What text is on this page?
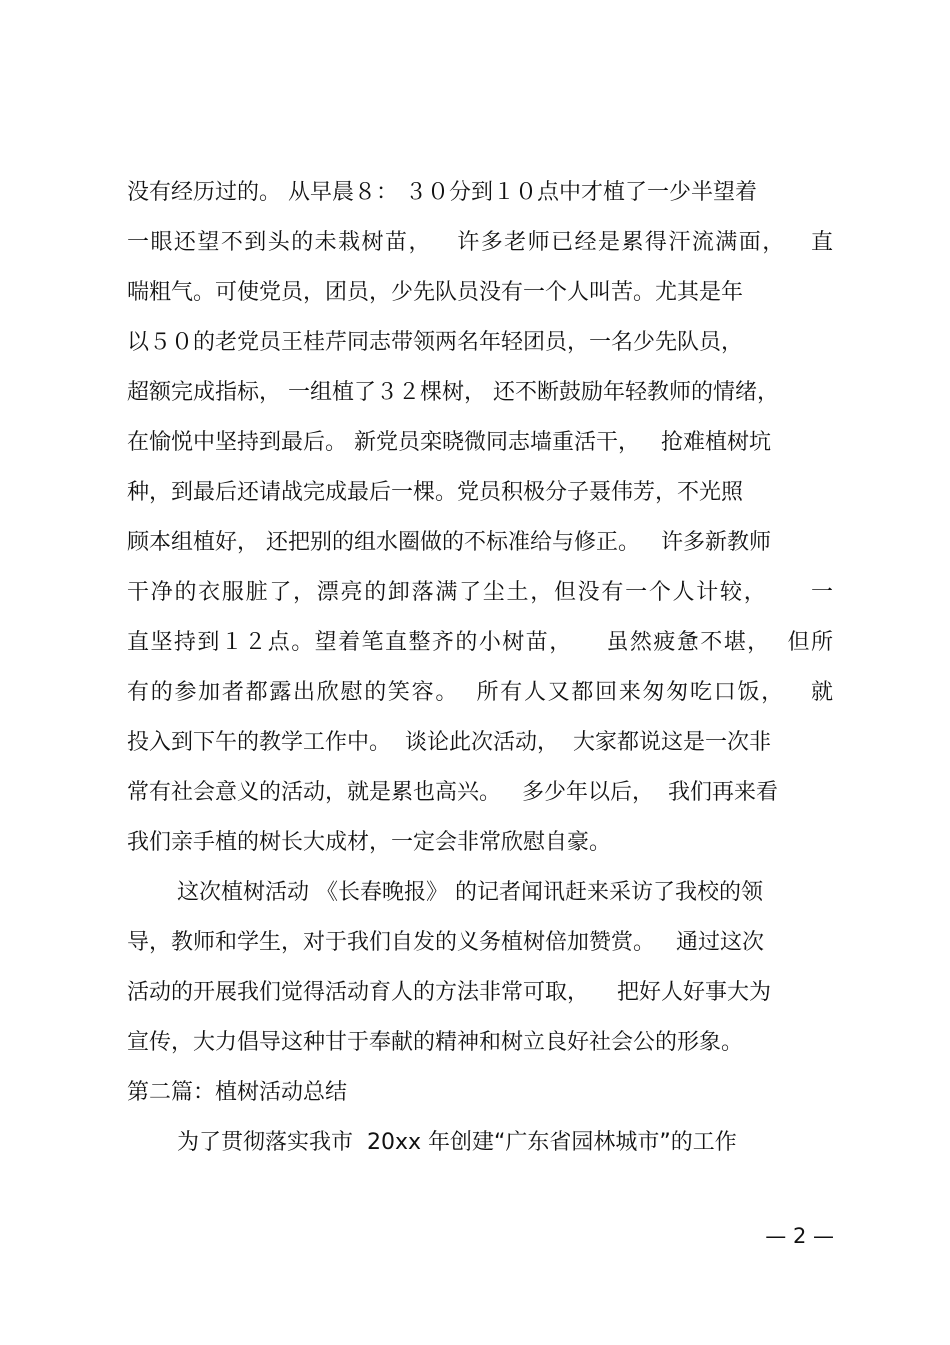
没有经历过的。 从早晨８： ３０分到１０点中才植了一少半望着
一眼还望不到头的未栽树苗，   许多老师已经是累得汗流满面，   直
喘粗气。可使党员，团员，少先队员没有一个人叫苦。尤其是年
以５０的老党员王桂芹同志带领两名年轻团员，一名少先队员，
超额完成指标， 一组植了３２棵树， 还不断鼓励年轻教师的情绪，
在愉悦中坚持到最后。 新党员栾晓微同志墙重活干，   抢难植树坑
种，到最后还请战完成最后一棵。党员积极分子聂伟芳，不光照
顾本组植好， 还把别的组水圈做的不标准给与修正。   许多新教师
干净的衣服脏了，漂亮的卸落满了尘土，但没有一个人计较，     一
直坚持到１２点。望着笔直整齐的小树苗，    虽然疲惫不堪，  但所
有的参加者都露出欣慰的笑容。  所有人又都回来匆匆吃口饭，   就
投入到下午的教学工作中。  谈论此次活动，  大家都说这是一次非
常有社会意义的活动，就是累也高兴。   多少年以后，  我们再来看
我们亲手植的树长大成材，一定会非常欣慰自豪。
这次植树活动 《长春晚报》 的记者闻讯赶来采访了我校的领
导，教师和学生，对于我们自发的义务植树倍加赞赏。   通过这次
活动的开展我们觉得活动育人的方法非常可取，    把好人好事大为
宣传，大力倡导这种甘于奉献的精神和树立良好社会公的形象。
第二篇：植树活动总结
为了贯彻落实我市  20xx 年创建“广东省园林城市”的工作
— 2 —
